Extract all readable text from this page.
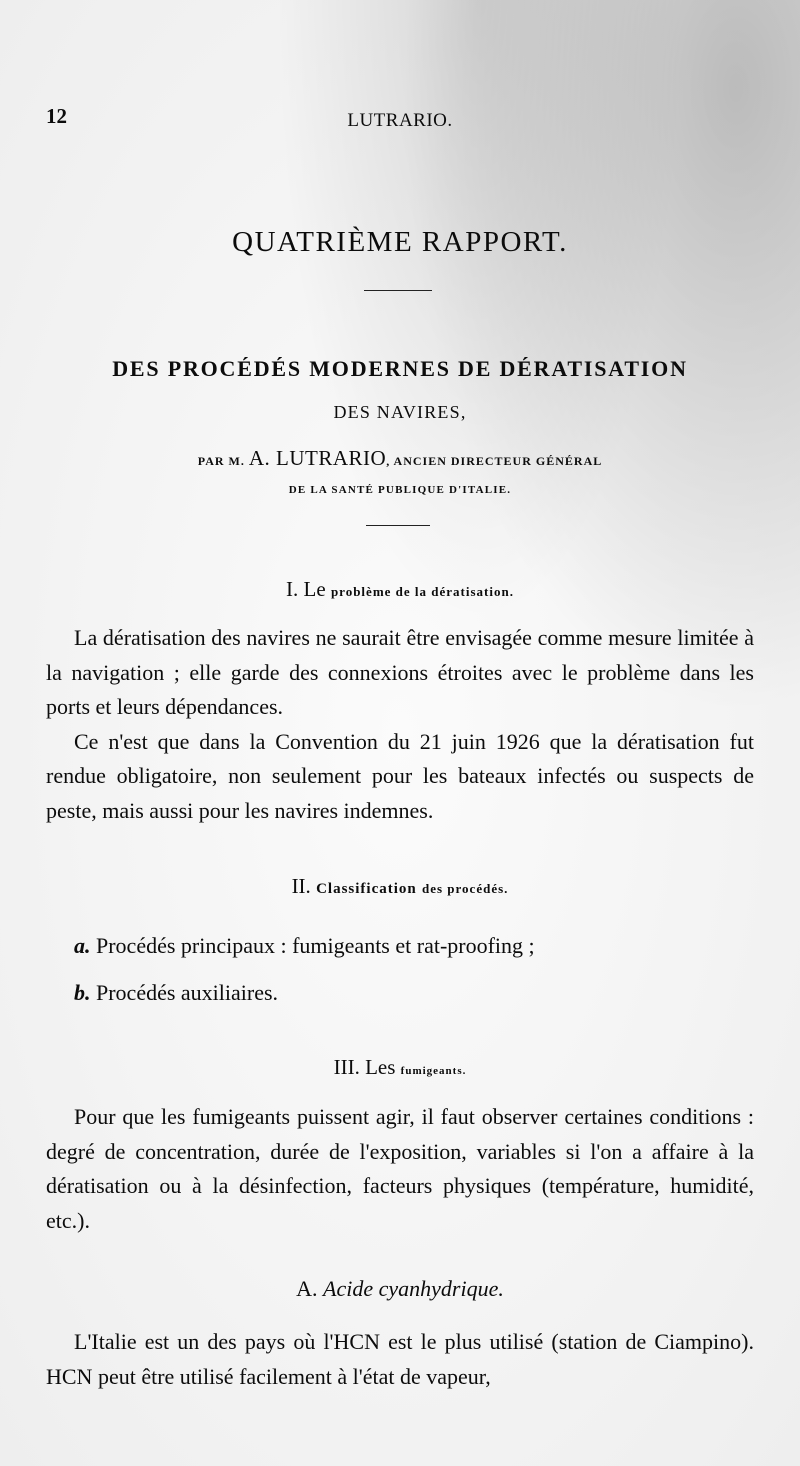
12	LUTRARIO.
QUATRIÈME RAPPORT.
DES PROCÉDÉS MODERNES DE DÉRATISATION
DES NAVIRES,
PAR M. A. LUTRARIO, ANCIEN DIRECTEUR GÉNÉRAL
DE LA SANTÉ PUBLIQUE D'ITALIE.
I. Le problème de la dératisation.

La dératisation des navires ne saurait être envisagée comme mesure limitée à la navigation ; elle garde des connexions étroites avec le problème dans les ports et leurs dépendances.

Ce n'est que dans la Convention du 21 juin 1926 que la dératisation fut rendue obligatoire, non seulement pour les bateaux infectés ou suspects de peste, mais aussi pour les navires indemnes.

II. Classification des procédés.
a. Procédés principaux : fumigeants et rat-proofing ;
b. Procédés auxiliaires.
III. Les fumigeants.

Pour que les fumigeants puissent agir, il faut observer certaines conditions : degré de concentration, durée de l'exposition, variables si l'on a affaire à la dératisation ou à la désinfection, facteurs physiques (température, humidité, etc.).

A. Acide cyanhydrique.

L'Italie est un des pays où l'HCN est le plus utilisé (station de Ciampino). HCN peut être utilisé facilement à l'état de vapeur,
